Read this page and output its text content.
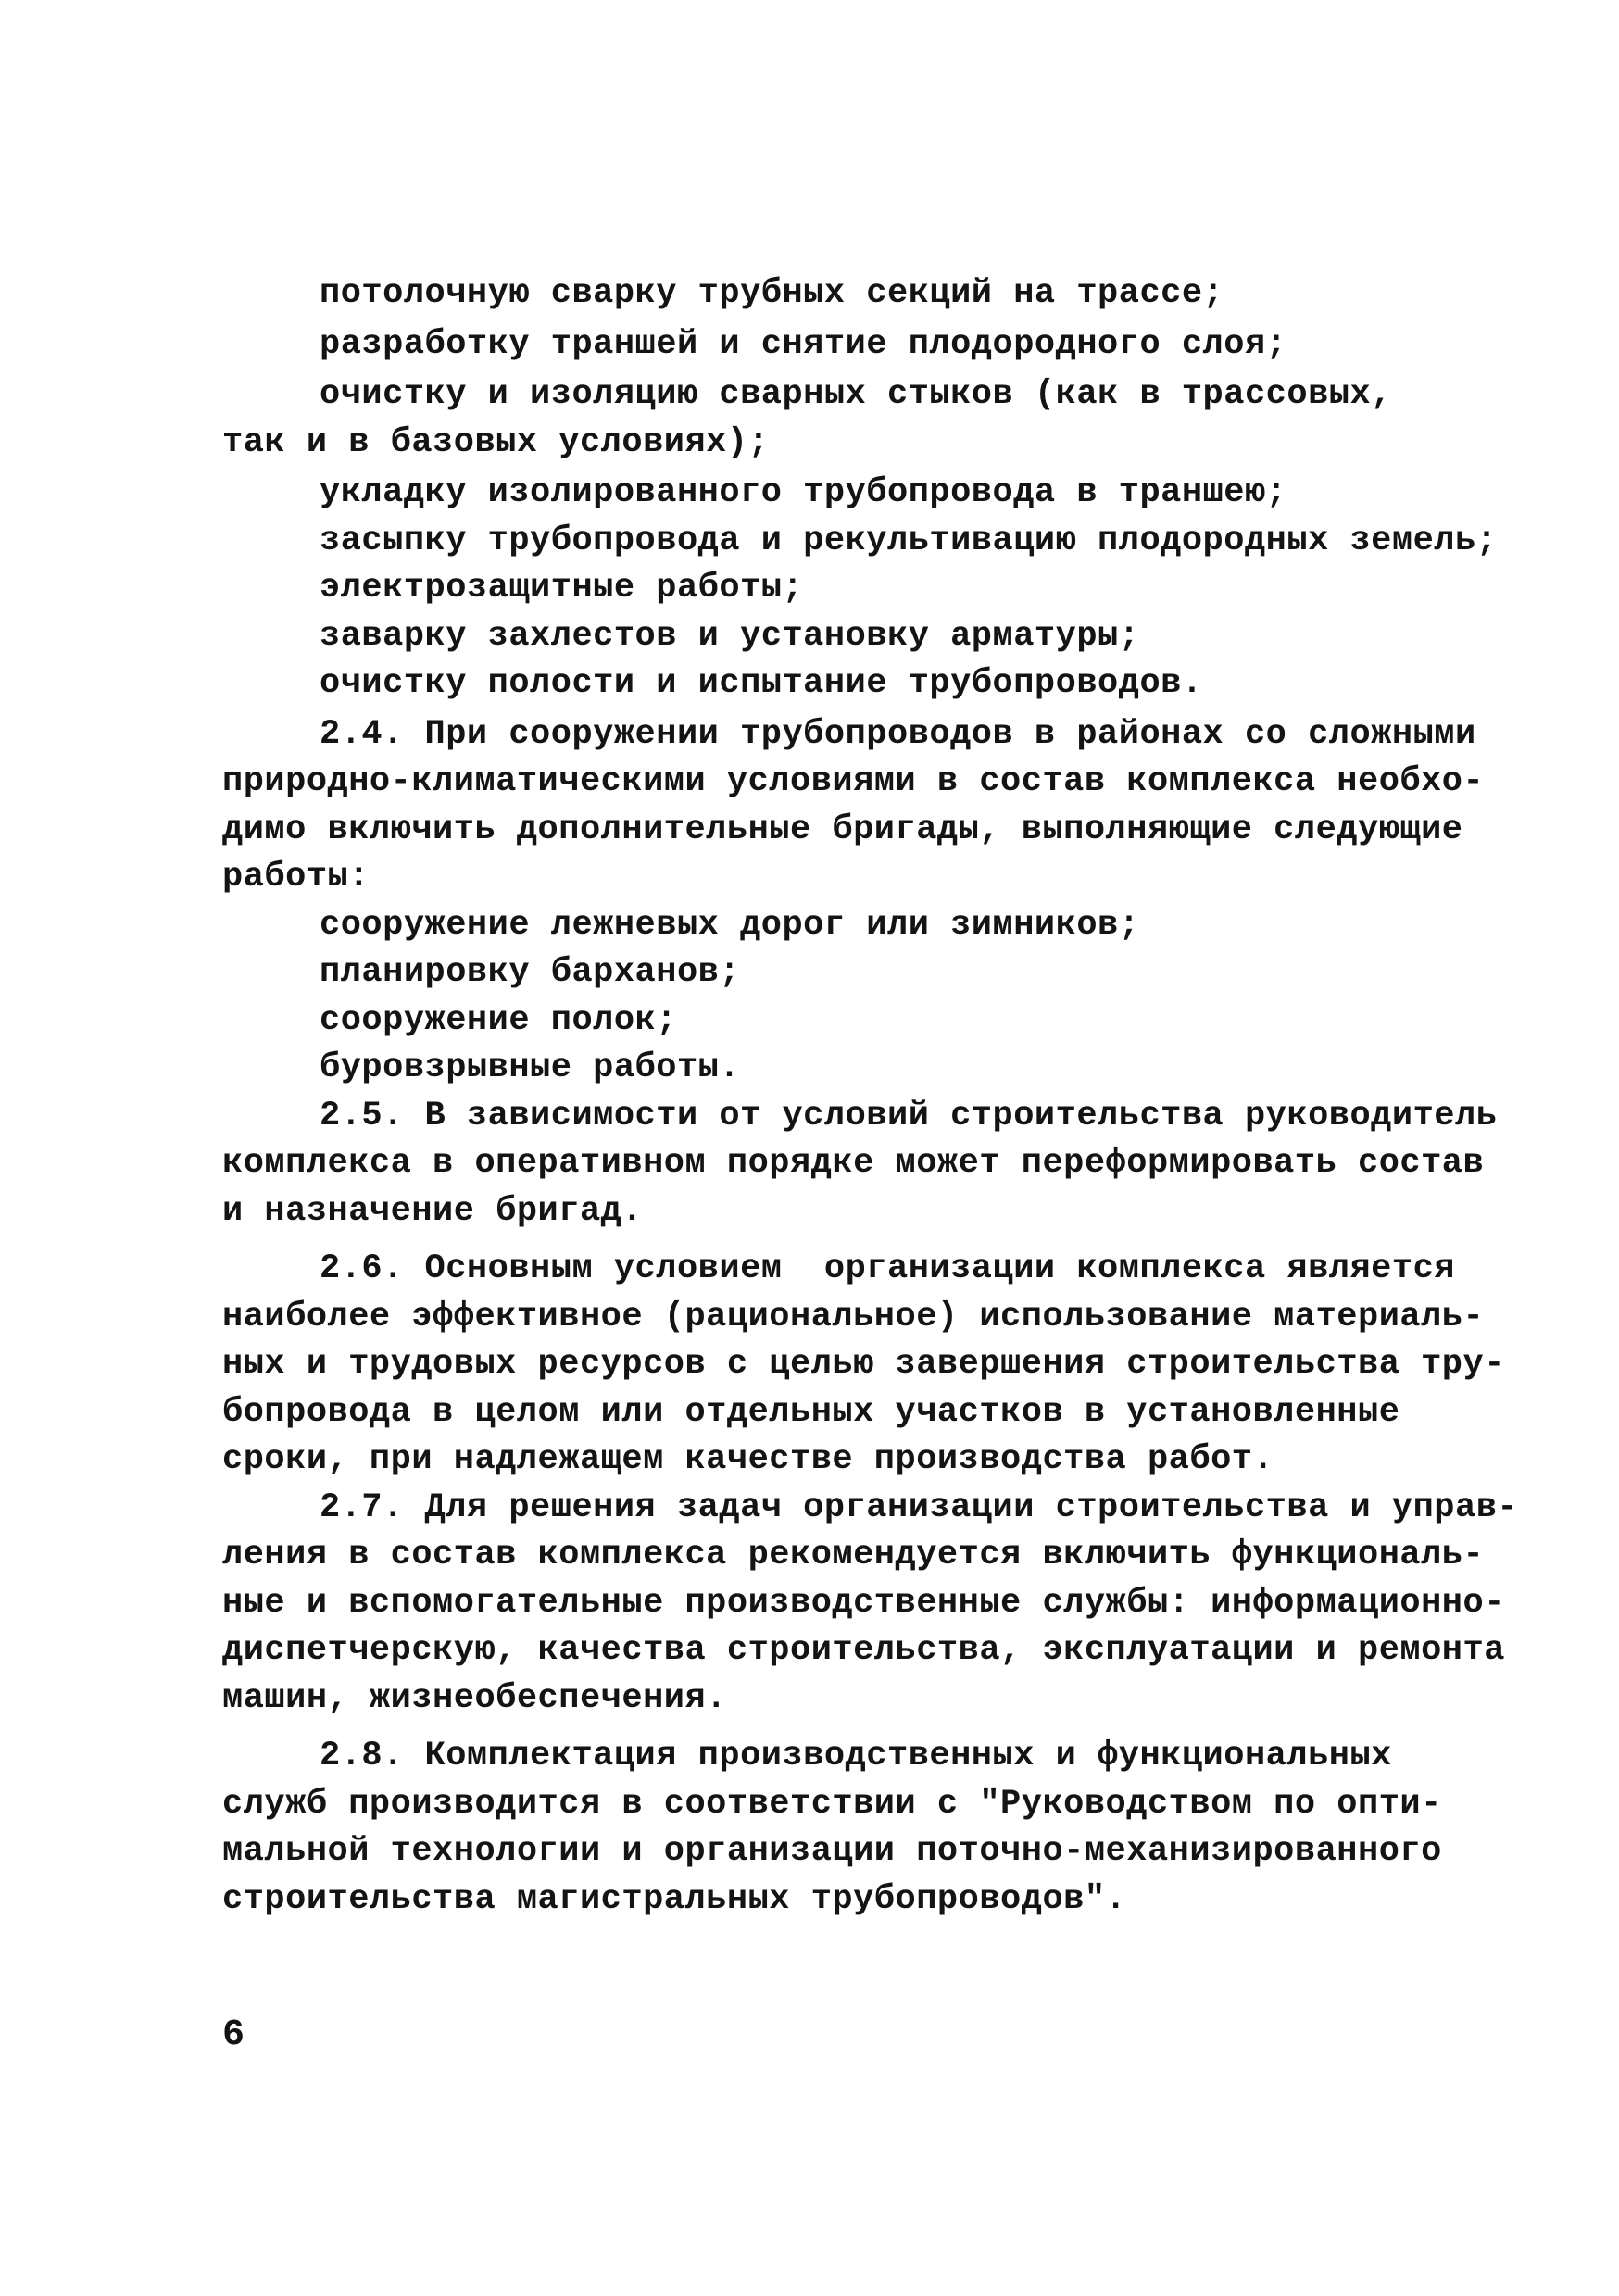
потолочную сварку трубных секций на трассе;
разработку траншей и снятие плодородного слоя;
очистку и изоляцию сварных стыков (как в трассовых,
так и в базовых условиях);
укладку изолированного трубопровода в траншею;
засыпку трубопровода и рекультивацию плодородных земель;
электрозащитные работы;
заварку захлестов и установку арматуры;
очистку полости и испытание трубопроводов.
2.4. При сооружении трубопроводов в районах со сложными
природно-климатическими условиями в состав комплекса необхо-
димо включить дополнительные бригады, выполняющие следующие
работы:
сооружение лежневых дорог или зимников;
планировку барханов;
сооружение полок;
буровзрывные работы.
2.5. В зависимости от условий строительства руководитель
комплекса в оперативном порядке может переформировать состав
и назначение бригад.
2.6. Основным условием  организации комплекса является
наиболее эффективное (рациональное) использование материаль-
ных и трудовых ресурсов с целью завершения строительства тру-
бопровода в целом или отдельных участков в установленные
сроки, при надлежащем качестве производства работ.
2.7. Для решения задач организации строительства и управ-
ления в состав комплекса рекомендуется включить функциональ-
ные и вспомогательные производственные службы: информационно-
диспетчерскую, качества строительства, эксплуатации и ремонта
машин, жизнеобеспечения.
2.8. Комплектация производственных и функциональных
служб производится в соответствии с "Руководством по опти-
мальной технологии и организации поточно-механизированного
строительства магистральных трубопроводов".
6
